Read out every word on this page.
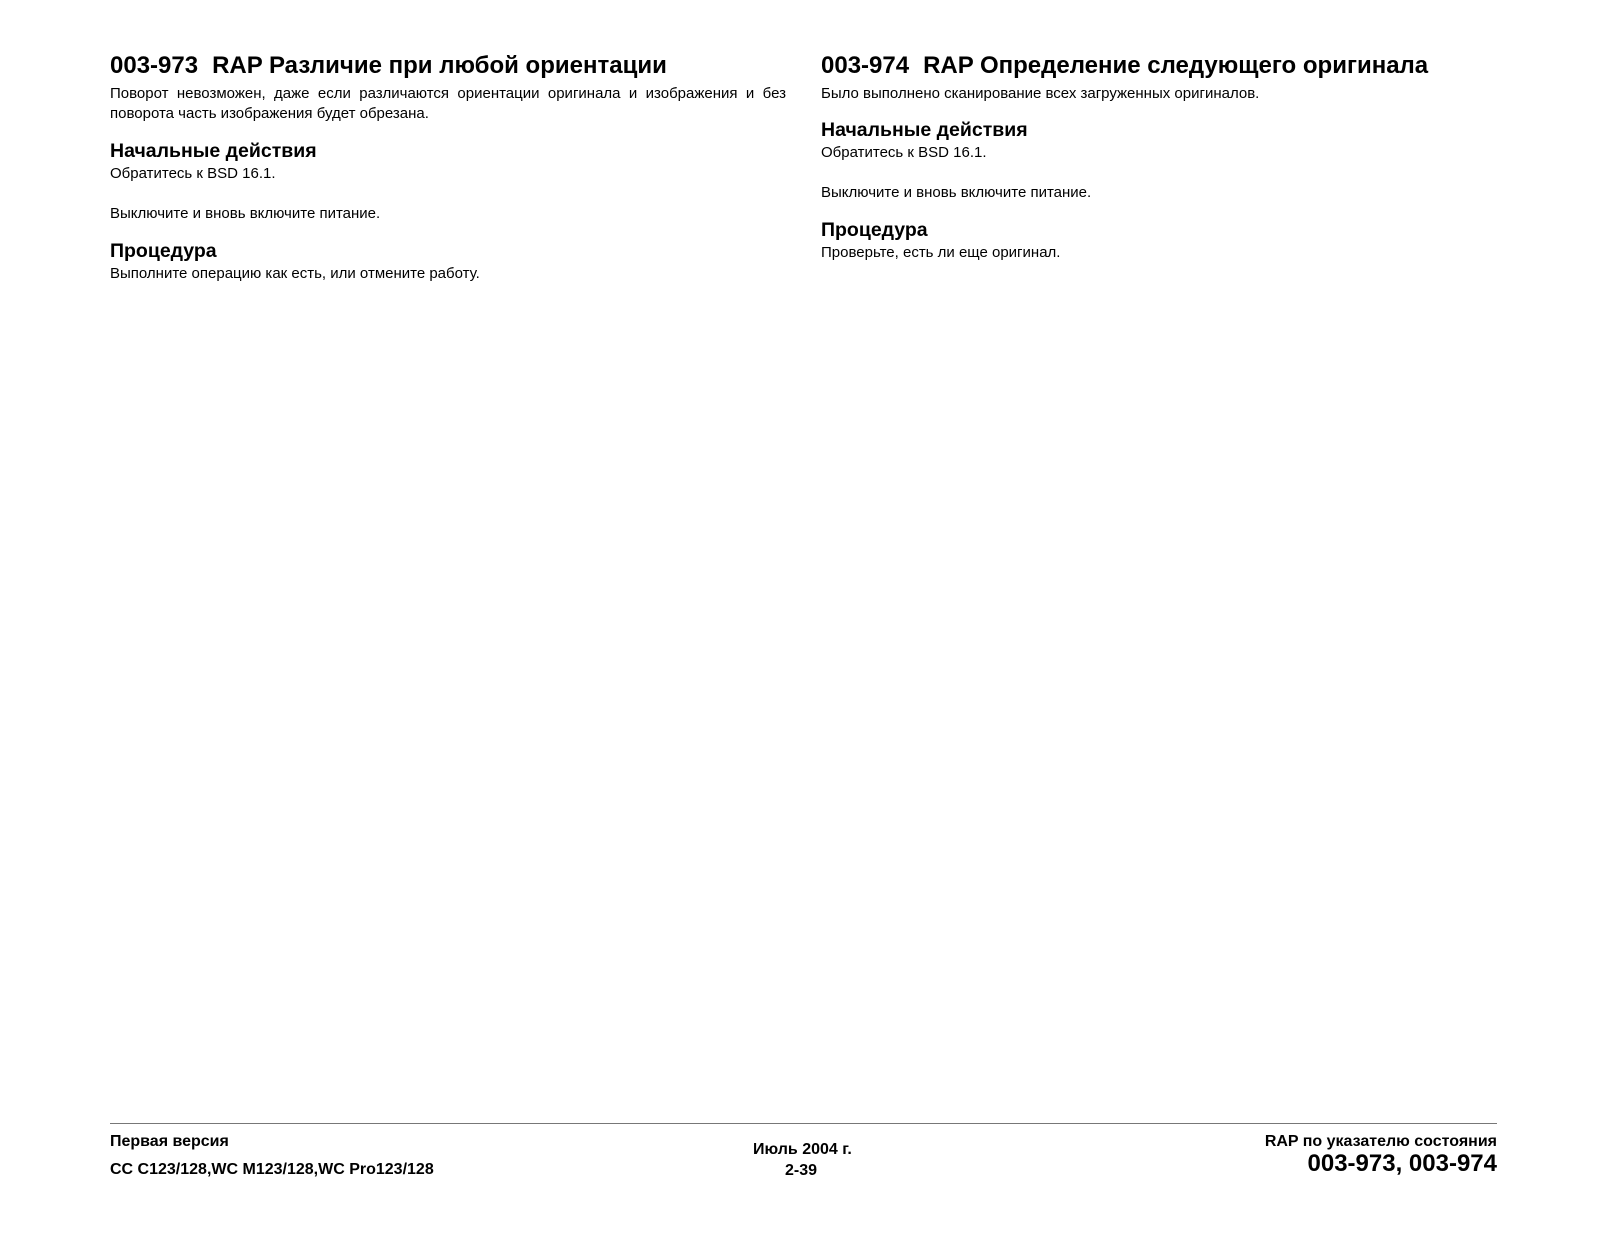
003-973 RAP Различие при любой ориентации

Поворот невозможен, даже если различаются ориентации оригинала и изображения и без поворота часть изображения будет обрезана.

Начальные действия

Обратитесь к BSD 16.1.

Выключите и вновь включите питание.

Процедура

Выполните операцию как есть, или отмените работу.

003-974 RAP Определение следующего оригинала

Было выполнено сканирование всех загруженных оригиналов.

Начальные действия

Обратитесь к BSD 16.1.

Выключите и вновь включите питание.

Процедура

Проверьте, есть ли еще оригинал.

Первая версия
CC C123/128,WC M123/128,WC Pro123/128
Июль 2004 г.
2-39
RAP по указателю состояния
003-973, 003-974
